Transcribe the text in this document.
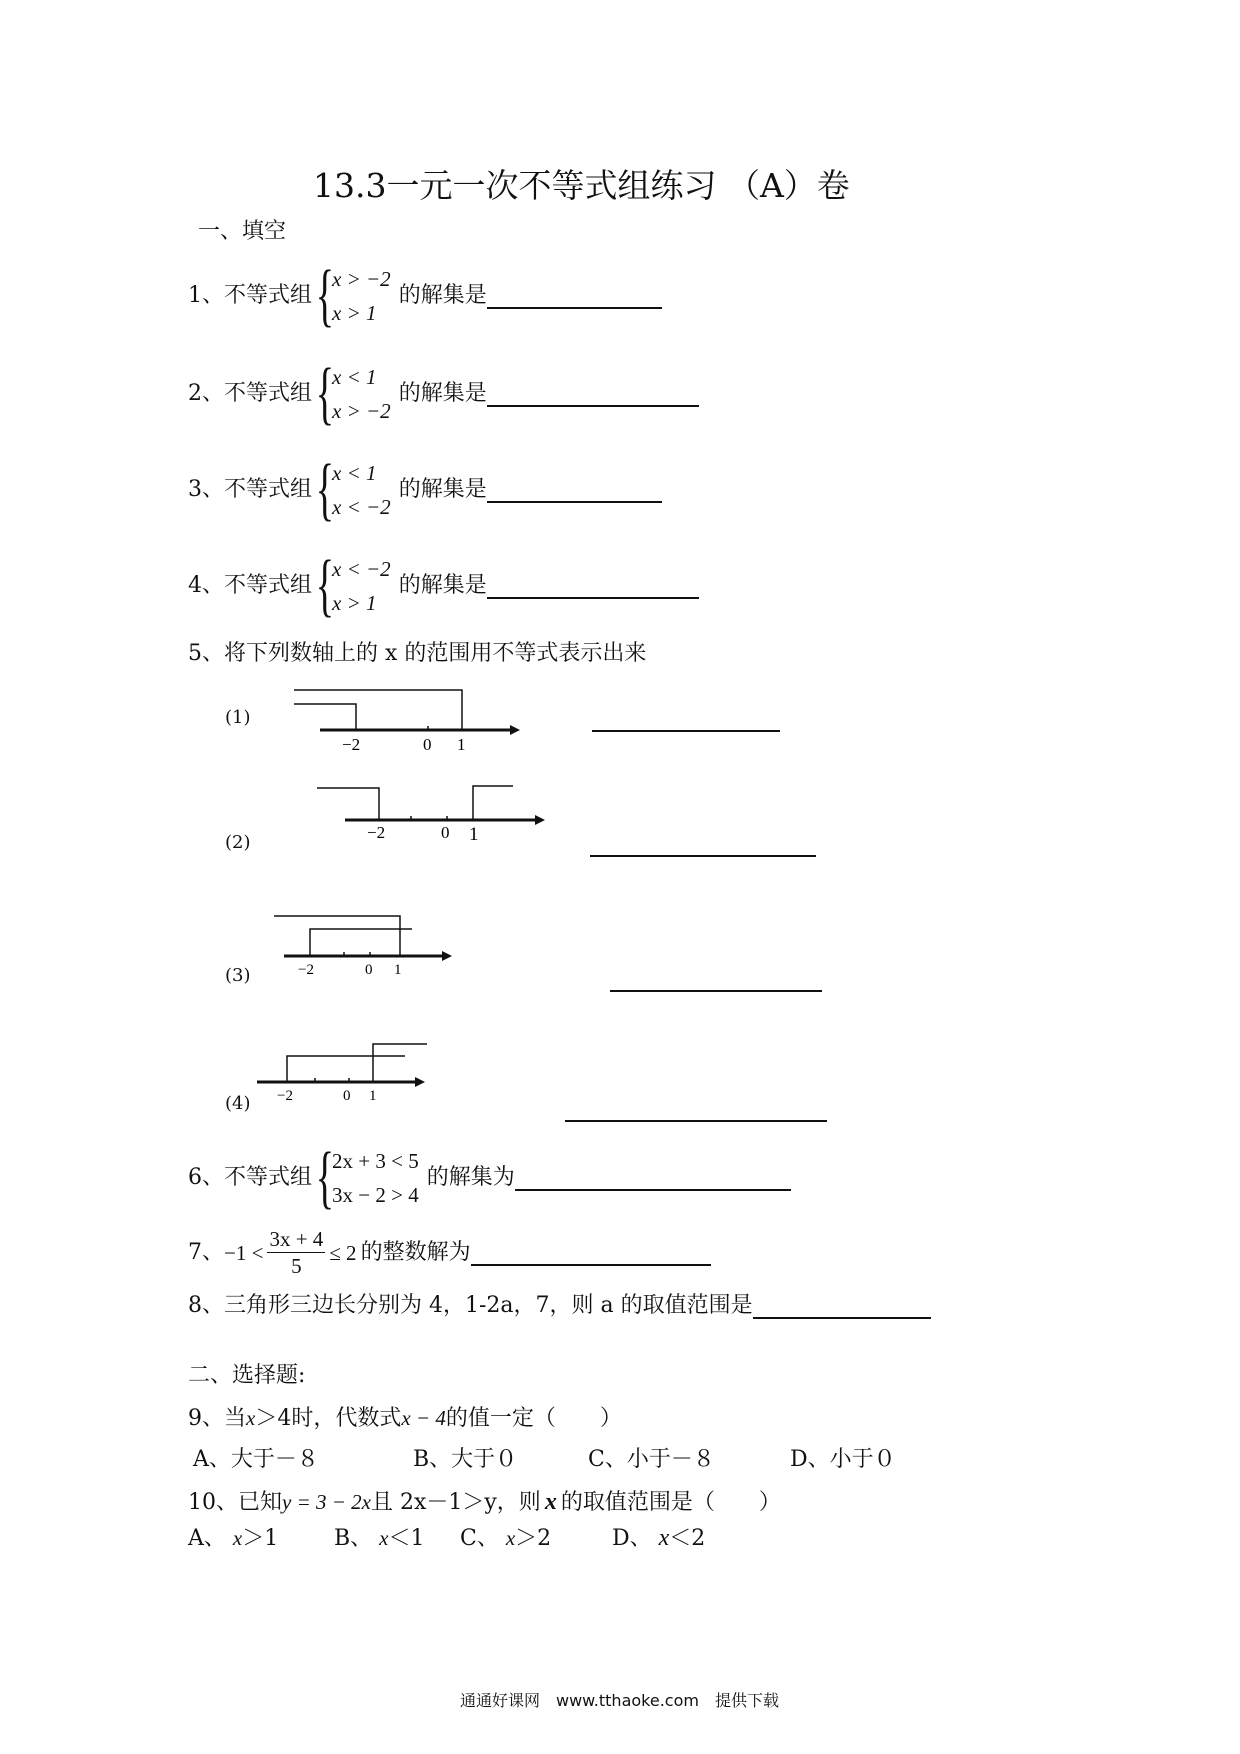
13.3一元一次不等式组练习 （A）卷
一、填空
1、 不等式组 {
x > −2
x > 1
的解集是
2、 不等式组 {
x < 1
x > −2
的解集是
3、 不等式组 {
x < 1
x < −2
的解集是
4、 不等式组 {
x < −2
x > 1
的解集是
5、将下列数轴上的 x 的范围用不等式表示出来
(1)
−2	0 1
(2)	−2	0 1
(3)	−2	0 1
(4) −2	0 1
6、 不等式组 {
2x + 3 < 5
3x − 2 > 4
的解集为
7、 $-1 < \frac{3x + 4}{5} \le 2$ 的整数解为
8、三角形三边长分别为 4，1-2a，7，则 a 的取值范围是
二、选择题:
9、当x＞4时，代数式x − 4的值一定（　　）
A、大于－８	B、大于０	C、小于－８	D、小于０
10、已知y = 3 − 2x且 2x－1＞y，则 x 的取值范围是（　　）
A、 x＞1	B、 x＜1 C、 x＞2	D、 x＜2
通通好课网　www.tthaoke.com　提供下载
